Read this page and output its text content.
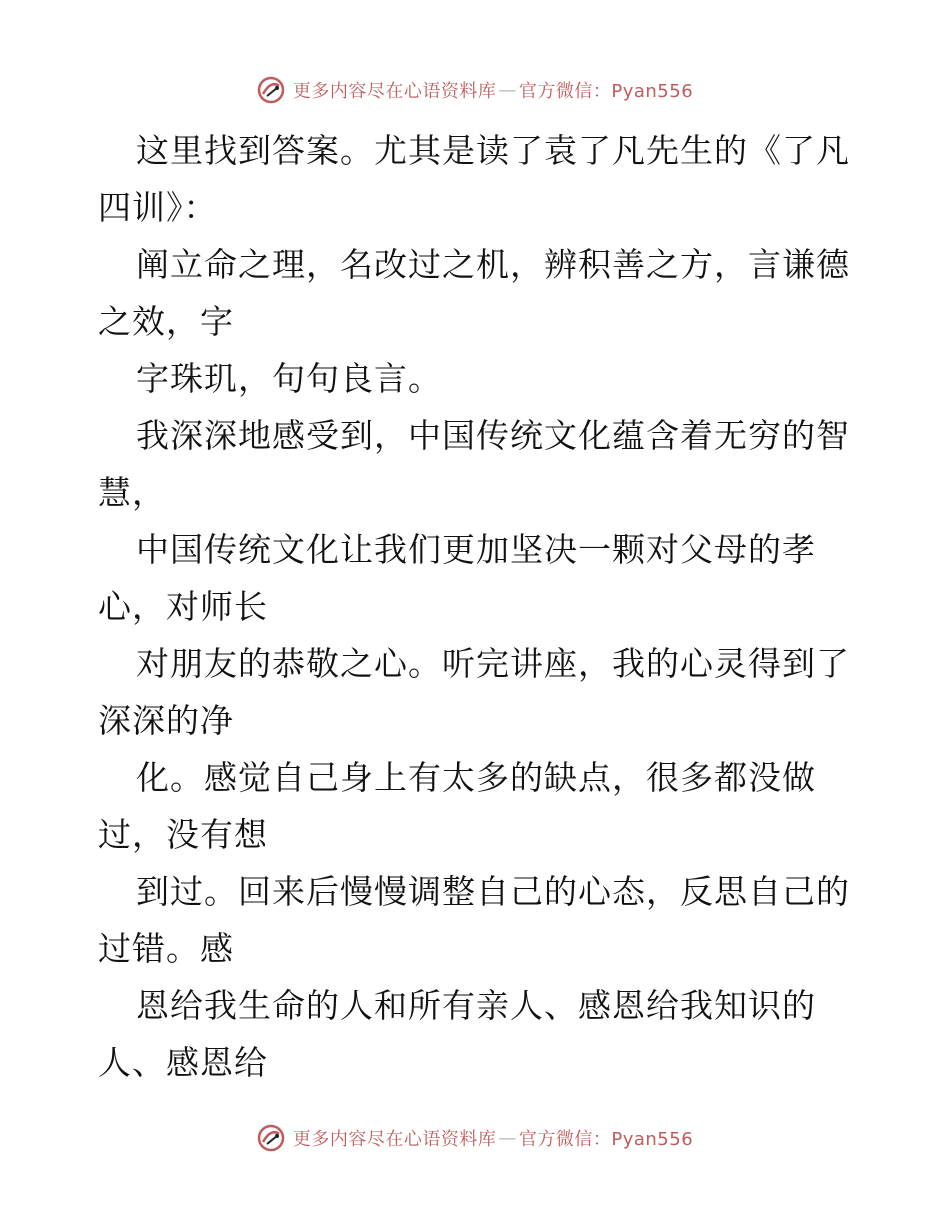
更多内容尽在心语资料库 — 官方微信：Pyan556
这里找到答案。尤其是读了袁了凡先生的《了凡
四训》：
阐立命之理，名改过之机，辨积善之方，言谦德
之效，字
字珠玑，句句良言。
我深深地感受到，中国传统文化蕴含着无穷的智
慧，
中国传统文化让我们更加坚决一颗对父母的孝
心，对师长
对朋友的恭敬之心。听完讲座，我的心灵得到了
深深的净
化。感觉自己身上有太多的缺点，很多都没做
过，没有想
到过。回来后慢慢调整自己的心态，反思自己的
过错。感
恩给我生命的人和所有亲人、感恩给我知识的
人、感恩给
更多内容尽在心语资料库 — 官方微信：Pyan556
